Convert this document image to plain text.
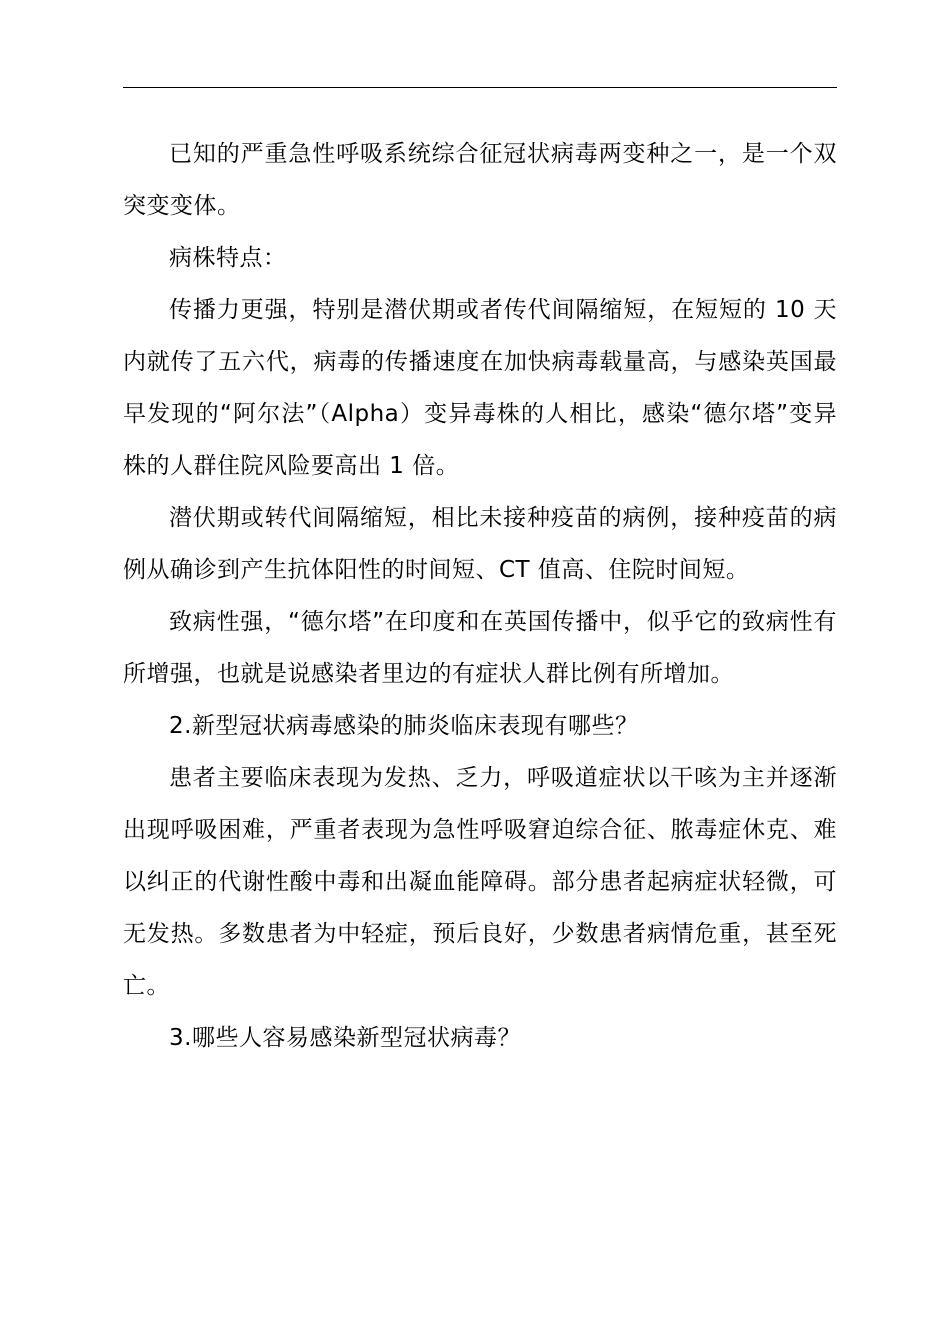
已知的严重急性呼吸系统综合征冠状病毒两变种之一，是一个双突变变体。

病株特点：

传播力更强，特别是潜伏期或者传代间隔缩短，在短短的 10 天内就传了五六代，病毒的传播速度在加快病毒载量高，与感染英国最早发现的“阿尔法”（Alpha）变异毒株的人相比，感染“德尔塔”变异株的人群住院风险要高出 1 倍。

潜伏期或转代间隔缩短，相比未接种疫苗的病例，接种疫苗的病例从确诊到产生抗体阳性的时间短、CT 值高、住院时间短。

致病性强，“德尔塔”在印度和在英国传播中，似乎它的致病性有所增强，也就是说感染者里边的有症状人群比例有所增加。

2.新型冠状病毒感染的肺炎临床表现有哪些？

患者主要临床表现为发热、乏力，呼吸道症状以干咳为主并逐渐出现呼吸困难，严重者表现为急性呼吸窘迫综合征、脓毒症休克、难以纠正的代谢性酸中毒和出凝血能障碍。部分患者起病症状轻微，可无发热。多数患者为中轻症，预后良好，少数患者病情危重，甚至死亡。

3.哪些人容易感染新型冠状病毒？
